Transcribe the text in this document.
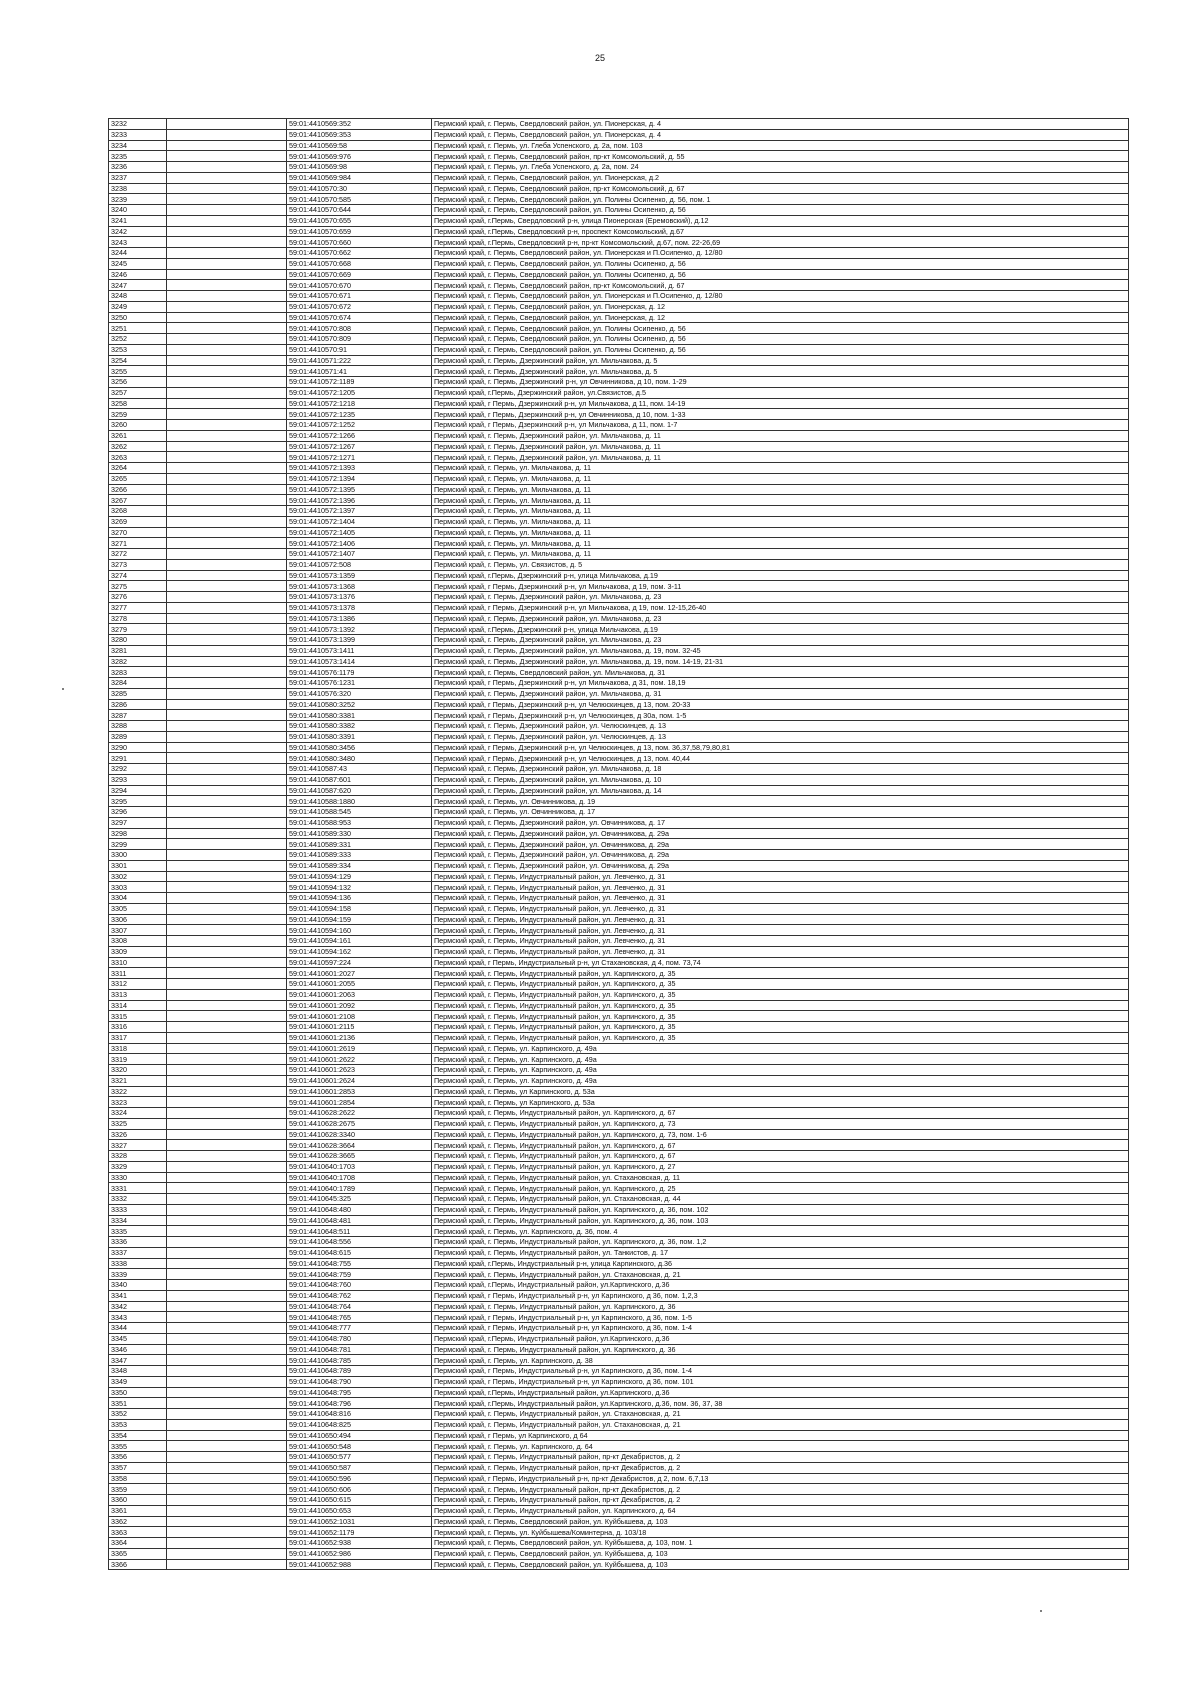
25
3232		59:01:4410569:352	Пермский край, г. Пермь, Свердловский район, ул. Пионерская, д. 4
3233		59:01:4410569:353	Пермский край, г. Пермь, Свердловский район, ул. Пионерская, д. 4
3234		59:01:4410569:58	Пермский край, г. Пермь, ул. Глеба Успенского, д. 2а, пом. 103
3235		59:01:4410569:976	Пермский край, г. Пермь, Свердловский район, пр-кт Комсомольский, д. 55
3236		59:01:4410569:98	Пермский край, г. Пермь, ул. Глеба Успенского, д. 2а, пом. 24
3237		59:01:4410569:984	Пермский край, г. Пермь, Свердловский район, ул. Пионерская, д.2
3238		59:01:4410570:30	Пермский край, г. Пермь, Свердловский район, пр-кт Комсомольский, д. 67
3239		59:01:4410570:585	Пермский край, г. Пермь, Свердловский район, ул. Полины Осипенко, д. 56, пом. 1
3240		59:01:4410570:644	Пермский край, г. Пермь, Свердловский район, ул. Полины Осипенко, д. 56
3241		59:01:4410570:655	Пермский край, г.Пермь, Свердловский р-н, улица Пионерская (Еремовский), д.12
3242		59:01:4410570:659	Пермский край, г.Пермь, Свердловский р-н, проспект Комсомольский, д.67
3243		59:01:4410570:660	Пермский край, г.Пермь, Свердловский р-н, пр-кт Комсомольский, д.67, пом. 22-26,69
3244		59:01:4410570:662	Пермский край, г. Пермь, Свердловский район, ул. Пионерская и П.Осипенко, д. 12/80
3245		59:01:4410570:668	Пермский край, г. Пермь, Свердловский район, ул. Полины Осипенко, д. 56
3246		59:01:4410570:669	Пермский край, г. Пермь, Свердловский район, ул. Полины Осипенко, д. 56
3247		59:01:4410570:670	Пермский край, г. Пермь, Свердловский район, пр-кт Комсомольский, д. 67
3248		59:01:4410570:671	Пермский край, г. Пермь, Свердловский район, ул. Пионерская и П.Осипенко, д. 12/80
3249		59:01:4410570:672	Пермский край, г. Пермь, Свердловский район, ул. Пионерская, д. 12
3250		59:01:4410570:674	Пермский край, г. Пермь, Свердловский район, ул. Пионерская, д. 12
3251		59:01:4410570:808	Пермский край, г. Пермь, Свердловский район, ул. Полины Осипенко, д. 56
3252		59:01:4410570:809	Пермский край, г. Пермь, Свердловский район, ул. Полины Осипенко, д. 56
3253		59:01:4410570:91	Пермский край, г. Пермь, Свердловский район, ул. Полины Осипенко, д. 56
3254		59:01:4410571:222	Пермский край, г. Пермь, Дзержинский район, ул. Мильчакова, д. 5
3255		59:01:4410571:41	Пермский край, г. Пермь, Дзержинский район, ул. Мильчакова, д. 5
3256		59:01:4410572:1189	Пермский край, г. Пермь, Дзержинский р-н, ул Овчинникова, д 10, пом. 1-29
3257		59:01:4410572:1205	Пермский край, г.Пермь, Дзержинский район, ул.Связистов, д.5
3258		59:01:4410572:1218	Пермский край, г Пермь, Дзержинский р-н, ул Мильчакова, д 11, пом. 14-19
3259		59:01:4410572:1235	Пермский край, г Пермь, Дзержинский р-н, ул Овчинникова, д 10, пом. 1-33
3260		59:01:4410572:1252	Пермский край, г Пермь, Дзержинский р-н, ул Мильчакова, д 11, пом. 1-7
3261		59:01:4410572:1266	Пермский край, г. Пермь, Дзержинский район, ул. Мильчакова, д. 11
3262		59:01:4410572:1267	Пермский край, г. Пермь, Дзержинский район, ул. Мильчакова, д. 11
3263		59:01:4410572:1271	Пермский край, г. Пермь, Дзержинский район, ул. Мильчакова, д. 11
3264		59:01:4410572:1393	Пермский край, г. Пермь, ул. Мильчакова, д. 11
3265		59:01:4410572:1394	Пермский край, г. Пермь, ул. Мильчакова, д. 11
3266		59:01:4410572:1395	Пермский край, г. Пермь, ул. Мильчакова, д. 11
3267		59:01:4410572:1396	Пермский край, г. Пермь, ул. Мильчакова, д. 11
3268		59:01:4410572:1397	Пермский край, г. Пермь, ул. Мильчакова, д. 11
3269		59:01:4410572:1404	Пермский край, г. Пермь, ул. Мильчакова, д. 11
3270		59:01:4410572:1405	Пермский край, г. Пермь, ул. Мильчакова, д. 11
3271		59:01:4410572:1406	Пермский край, г. Пермь, ул. Мильчакова, д. 11
3272		59:01:4410572:1407	Пермский край, г. Пермь, ул. Мильчакова, д. 11
3273		59:01:4410572:508	Пермский край, г. Пермь, ул. Связистов, д. 5
3274		59:01:4410573:1359	Пермский край, г.Пермь, Дзержинский р-н, улица Мильчакова, д.19
3275		59:01:4410573:1368	Пермский край, г Пермь, Дзержинский р-н, ул Мильчакова, д 19, пом. 3-11
3276		59:01:4410573:1376	Пермский край, г. Пермь, Дзержинский район, ул. Мильчакова, д. 23
3277		59:01:4410573:1378	Пермский край, г Пермь, Дзержинский р-н, ул Мильчакова, д 19, пом. 12-15,26-40
3278		59:01:4410573:1386	Пермский край, г. Пермь, Дзержинский район, ул. Мильчакова, д. 23
3279		59:01:4410573:1392	Пермский край, г.Пермь, Дзержинский р-н, улица Мильчакова, д.19
3280		59:01:4410573:1399	Пермский край, г. Пермь, Дзержинский район, ул. Мильчакова, д. 23
3281		59:01:4410573:1411	Пермский край, г. Пермь, Дзержинский район, ул. Мильчакова, д. 19, пом. 32-45
3282		59:01:4410573:1414	Пермский край, г. Пермь, Дзержинский район, ул. Мильчакова, д. 19, пом. 14-19, 21-31
3283		59:01:4410576:1179	Пермский край, г. Пермь, Свердловский район, ул. Мильчакова, д. 31
3284		59:01:4410576:1231	Пермский край, г Пермь, Дзержинский р-н, ул Мильчакова, д 31, пом. 18,19
3285		59:01:4410576:320	Пермский край, г. Пермь, Дзержинский район, ул. Мильчакова, д. 31
3286		59:01:4410580:3252	Пермский край, г Пермь, Дзержинский р-н, ул Челюскинцев, д 13, пом. 20-33
3287		59:01:4410580:3381	Пермский край, г Пермь, Дзержинский р-н, ул Челюскинцев, д 30а, пом. 1-5
3288		59:01:4410580:3382	Пермский край, г. Пермь, Дзержинский район, ул. Челюскинцев, д. 13
3289		59:01:4410580:3391	Пермский край, г. Пермь, Дзержинский район, ул. Челюскинцев, д. 13
3290		59:01:4410580:3456	Пермский край, г Пермь, Дзержинский р-н, ул Челюскинцев, д 13, пом. 36,37,58,79,80,81
3291		59:01:4410580:3480	Пермский край, г Пермь, Дзержинский р-н, ул Челюскинцев, д 13, пом. 40,44
3292		59:01:4410587:43	Пермский край, г. Пермь, Дзержинский район, ул. Мильчакова, д. 18
3293		59:01:4410587:601	Пермский край, г. Пермь, Дзержинский район, ул. Мильчакова, д. 10
3294		59:01:4410587:620	Пермский край, г. Пермь, Дзержинский район, ул. Мильчакова, д. 14
3295		59:01:4410588:1880	Пермский край, г. Пермь, ул. Овчинникова, д. 19
3296		59:01:4410588:545	Пермский край, г. Пермь, ул. Овчинникова, д. 17
3297		59:01:4410588:953	Пермский край, г. Пермь, Дзержинский район, ул. Овчинникова, д. 17
3298		59:01:4410589:330	Пермский край, г. Пермь, Дзержинский район, ул. Овчинникова, д. 29а
3299		59:01:4410589:331	Пермский край, г. Пермь, Дзержинский район, ул. Овчинникова, д. 29а
3300		59:01:4410589:333	Пермский край, г. Пермь, Дзержинский район, ул. Овчинникова, д. 29а
3301		59:01:4410589:334	Пермский край, г. Пермь, Дзержинский район, ул. Овчинникова, д. 29а
3302		59:01:4410594:129	Пермский край, г. Пермь, Индустриальный район, ул. Левченко, д. 31
3303		59:01:4410594:132	Пермский край, г. Пермь, Индустриальный район, ул. Левченко, д. 31
3304		59:01:4410594:136	Пермский край, г. Пермь, Индустриальный район, ул. Левченко, д. 31
3305		59:01:4410594:158	Пермский край, г. Пермь, Индустриальный район, ул. Левченко, д. 31
3306		59:01:4410594:159	Пермский край, г. Пермь, Индустриальный район, ул. Левченко, д. 31
3307		59:01:4410594:160	Пермский край, г. Пермь, Индустриальный район, ул. Левченко, д. 31
3308		59:01:4410594:161	Пермский край, г. Пермь, Индустриальный район, ул. Левченко, д. 31
3309		59:01:4410594:162	Пермский край, г. Пермь, Индустриальный район, ул. Левченко, д. 31
3310		59:01:4410597:224	Пермский край, г Пермь, Индустриальный р-н, ул Стахановская, д 4, пом. 73,74
3311		59:01:4410601:2027	Пермский край, г. Пермь, Индустриальный район, ул. Карпинского, д. 35
3312		59:01:4410601:2055	Пермский край, г. Пермь, Индустриальный район, ул. Карпинского, д. 35
3313		59:01:4410601:2063	Пермский край, г. Пермь, Индустриальный район, ул. Карпинского, д. 35
3314		59:01:4410601:2092	Пермский край, г. Пермь, Индустриальный район, ул. Карпинского, д. 35
3315		59:01:4410601:2108	Пермский край, г. Пермь, Индустриальный район, ул. Карпинского, д. 35
3316		59:01:4410601:2115	Пермский край, г. Пермь, Индустриальный район, ул. Карпинского, д. 35
3317		59:01:4410601:2136	Пермский край, г. Пермь, Индустриальный район, ул. Карпинского, д. 35
3318		59:01:4410601:2619	Пермский край, г. Пермь, ул. Карпинского, д. 49а
3319		59:01:4410601:2622	Пермский край, г. Пермь, ул. Карпинского, д. 49а
3320		59:01:4410601:2623	Пермский край, г. Пермь, ул. Карпинского, д. 49а
3321		59:01:4410601:2624	Пермский край, г. Пермь, ул. Карпинского, д. 49а
3322		59:01:4410601:2853	Пермский край, г. Пермь, ул Карпинского, д. 53а
3323		59:01:4410601:2854	Пермский край, г. Пермь, ул Карпинского, д. 53а
3324		59:01:4410628:2622	Пермский край, г. Пермь, Индустриальный район, ул. Карпинского, д. 67
3325		59:01:4410628:2675	Пермский край, г. Пермь, Индустриальный район, ул. Карпинского, д. 73
3326		59:01:4410628:3340	Пермский край, г. Пермь, Индустриальный район, ул. Карпинского, д. 73, пом. 1-6
3327		59:01:4410628:3664	Пермский край, г. Пермь, Индустриальный район, ул. Карпинского, д. 67
3328		59:01:4410628:3665	Пермский край, г. Пермь, Индустриальный район, ул. Карпинского, д. 67
3329		59:01:4410640:1703	Пермский край, г. Пермь, Индустриальный район, ул. Карпинского, д. 27
3330		59:01:4410640:1708	Пермский край, г. Пермь, Индустриальный район, ул. Стахановская, д. 11
3331		59:01:4410640:1789	Пермский край, г. Пермь, Индустриальный район, ул. Карпинского, д. 25
3332		59:01:4410645:325	Пермский край, г. Пермь, Индустриальный район, ул. Стахановская, д. 44
3333		59:01:4410648:480	Пермский край, г. Пермь, Индустриальный район, ул. Карпинского, д. 36, пом. 102
3334		59:01:4410648:481	Пермский край, г. Пермь, Индустриальный район, ул. Карпинского, д. 36, пом. 103
3335		59:01:4410648:511	Пермский край, г. Пермь, ул. Карпинского, д. 36, пом. 4
3336		59:01:4410648:556	Пермский край, г. Пермь, Индустриальный район, ул. Карпинского, д. 36, пом. 1,2
3337		59:01:4410648:615	Пермский край, г. Пермь, Индустриальный район, ул. Танкистов, д. 17
3338		59:01:4410648:755	Пермский край, г.Пермь, Индустриальный р-н, улица Карпинского, д.36
3339		59:01:4410648:759	Пермский край, г. Пермь, Индустриальный район, ул. Стахановская, д. 21
3340		59:01:4410648:760	Пермский край, г.Пермь, Индустриальный район, ул.Карпинского, д.36
3341		59:01:4410648:762	Пермский край, г Пермь, Индустриальный р-н, ул Карпинского, д 36, пом. 1,2,3
3342		59:01:4410648:764	Пермский край, г. Пермь, Индустриальный район, ул. Карпинского, д. 36
3343		59:01:4410648:765	Пермский край, г Пермь, Индустриальный р-н, ул Карпинского, д 36, пом. 1-5
3344		59:01:4410648:777	Пермский край, г Пермь, Индустриальный р-н, ул Карпинского, д 36, пом. 1-4
3345		59:01:4410648:780	Пермский край, г.Пермь, Индустриальный район, ул.Карпинского, д.36
3346		59:01:4410648:781	Пермский край, г. Пермь, Индустриальный район, ул. Карпинского, д. 36
3347		59:01:4410648:785	Пермский край, г. Пермь, ул. Карпинского, д. 38
3348		59:01:4410648:789	Пермский край, г Пермь, Индустриальный р-н, ул Карпинского, д 36, пом. 1-4
3349		59:01:4410648:790	Пермский край, г Пермь, Индустриальный р-н, ул Карпинского, д 36, пом. 101
3350		59:01:4410648:795	Пермский край, г.Пермь, Индустриальный район, ул.Карпинского, д.36
3351		59:01:4410648:796	Пермский край, г.Пермь, Индустриальный район, ул.Карпинского, д.36, пом. 36, 37, 38
3352		59:01:4410648:816	Пермский край, г. Пермь, Индустриальный район, ул. Стахановская, д. 21
3353		59:01:4410648:825	Пермский край, г. Пермь, Индустриальный район, ул. Стахановская, д. 21
3354		59:01:4410650:494	Пермский край, г Пермь, ул Карпинского, д 64
3355		59:01:4410650:548	Пермский край, г. Пермь, ул. Карпинского, д. 64
3356		59:01:4410650:577	Пермский край, г. Пермь, Индустриальный район, пр-кт Декабристов, д. 2
3357		59:01:4410650:587	Пермский край, г. Пермь, Индустриальный район, пр-кт Декабристов, д. 2
3358		59:01:4410650:596	Пермский край, г Пермь, Индустриальный р-н, пр-кт Декабристов, д 2, пом. 6,7,13
3359		59:01:4410650:606	Пермский край, г. Пермь, Индустриальный район, пр-кт Декабристов, д. 2
3360		59:01:4410650:615	Пермский край, г. Пермь, Индустриальный район, пр-кт Декабристов, д. 2
3361		59:01:4410650:653	Пермский край, г. Пермь, Индустриальный район, ул. Карпинского, д. 64
3362		59:01:4410652:1031	Пермский край, г. Пермь, Свердловский район, ул. Куйбышева, д. 103
3363		59:01:4410652:1179	Пермский край, г. Пермь, ул. Куйбышева/Коминтерна, д. 103/18
3364		59:01:4410652:938	Пермский край, г. Пермь, Свердловский район, ул. Куйбышева, д. 103, пом. 1
3365		59:01:4410652:986	Пермский край, г. Пермь, Свердловский район, ул. Куйбышева, д. 103
3366		59:01:4410652:988	Пермский край, г. Пермь, Свердловский район, ул. Куйбышева, д. 103
